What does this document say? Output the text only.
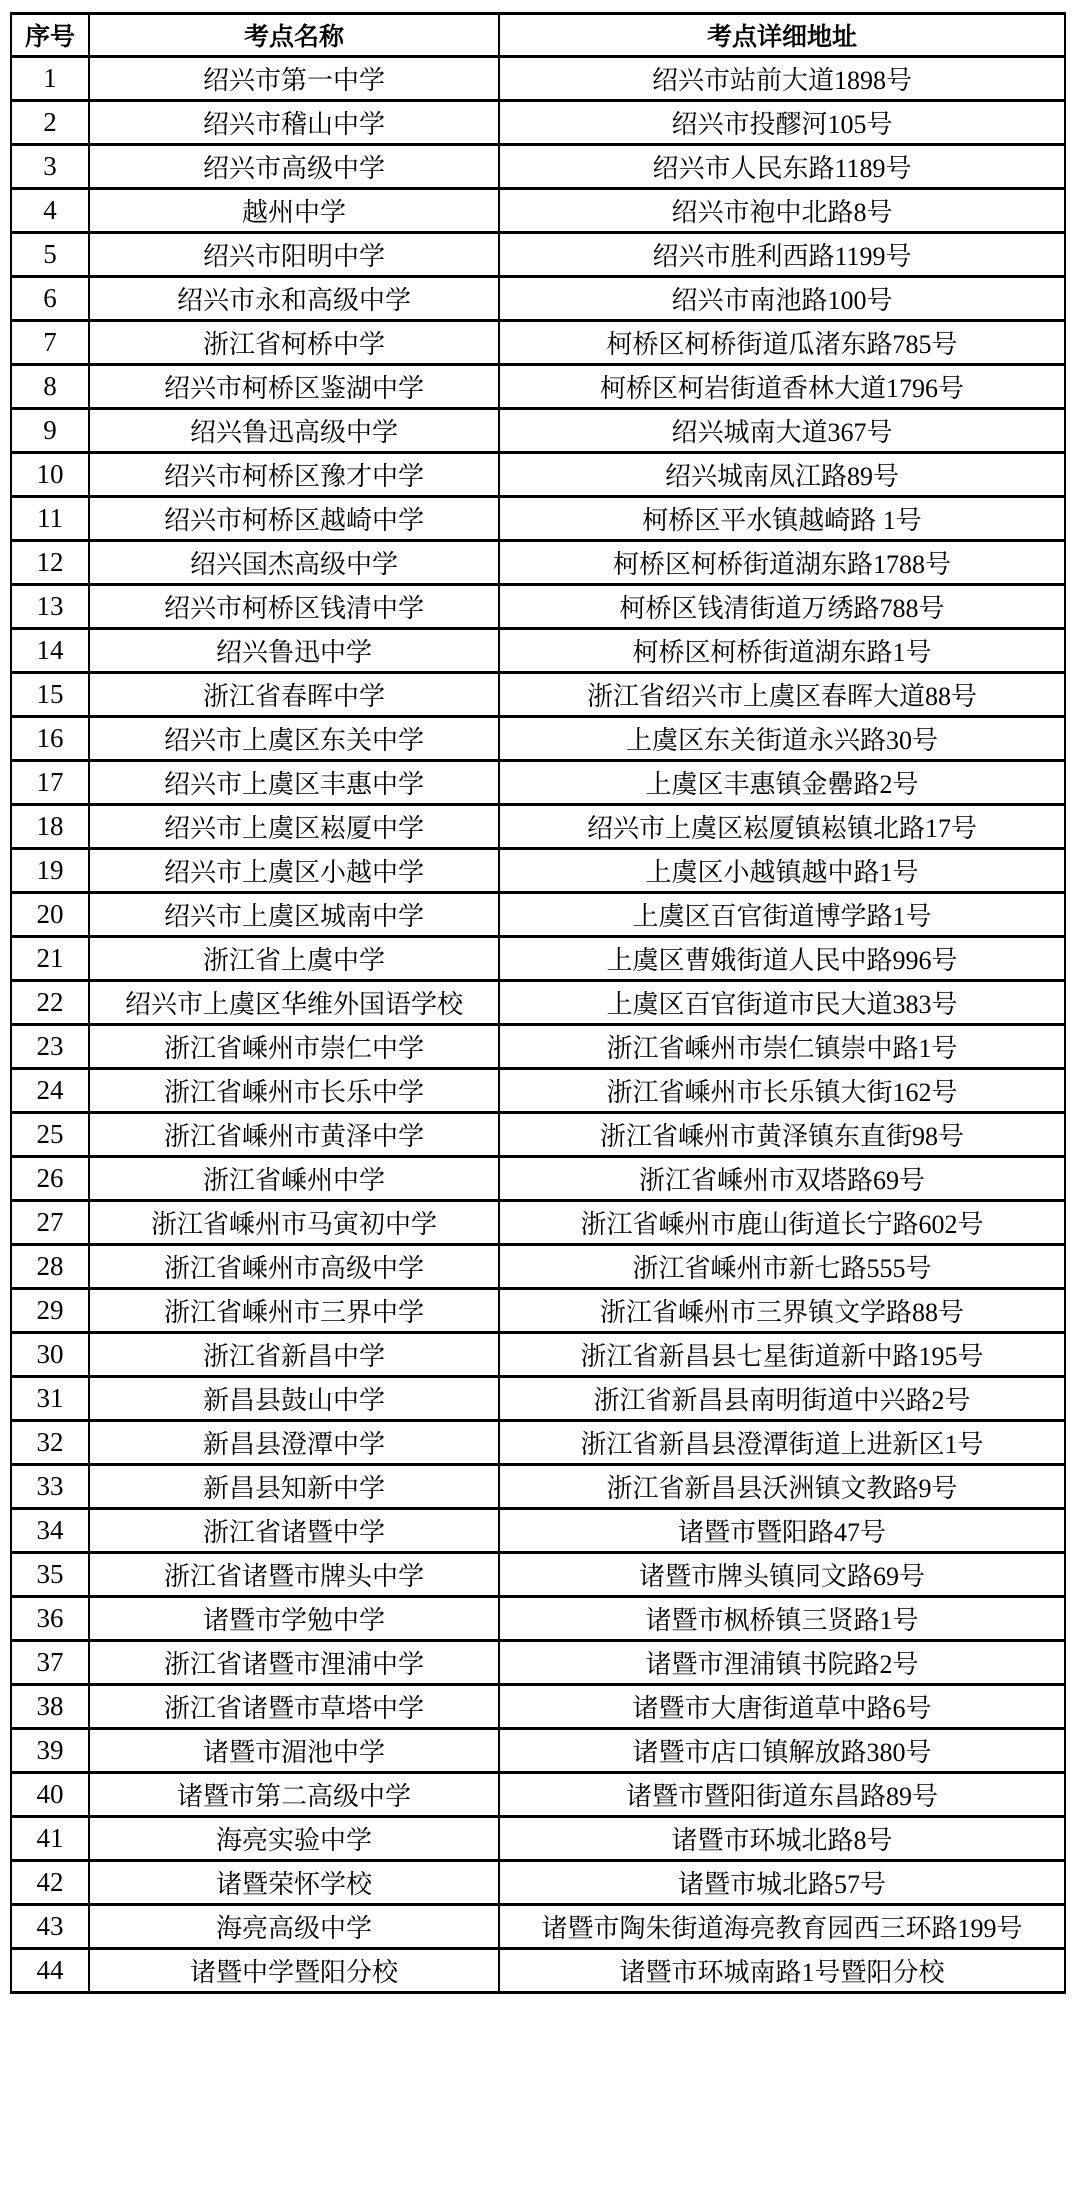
序号	考点名称	考点详细地址
1	绍兴市第一中学	绍兴市站前大道1898号
2	绍兴市稽山中学	绍兴市投醪河105号
3	绍兴市高级中学	绍兴市人民东路1189号
4	越州中学	绍兴市袍中北路8号
5	绍兴市阳明中学	绍兴市胜利西路1199号
6	绍兴市永和高级中学	绍兴市南池路100号
7	浙江省柯桥中学	柯桥区柯桥街道瓜渚东路785号
8	绍兴市柯桥区鉴湖中学	柯桥区柯岩街道香林大道1796号
9	绍兴鲁迅高级中学	绍兴城南大道367号
10	绍兴市柯桥区豫才中学	绍兴城南凤江路89号
11	绍兴市柯桥区越崎中学	柯桥区平水镇越崎路 1号
12	绍兴国杰高级中学	柯桥区柯桥街道湖东路1788号
13	绍兴市柯桥区钱清中学	柯桥区钱清街道万绣路788号
14	绍兴鲁迅中学	柯桥区柯桥街道湖东路1号
15	浙江省春晖中学	浙江省绍兴市上虞区春晖大道88号
16	绍兴市上虞区东关中学	上虞区东关街道永兴路30号
17	绍兴市上虞区丰惠中学	上虞区丰惠镇金罍路2号
18	绍兴市上虞区崧厦中学	绍兴市上虞区崧厦镇崧镇北路17号
19	绍兴市上虞区小越中学	上虞区小越镇越中路1号
20	绍兴市上虞区城南中学	上虞区百官街道博学路1号
21	浙江省上虞中学	上虞区曹娥街道人民中路996号
22	绍兴市上虞区华维外国语学校	上虞区百官街道市民大道383号
23	浙江省嵊州市崇仁中学	浙江省嵊州市崇仁镇崇中路1号
24	浙江省嵊州市长乐中学	浙江省嵊州市长乐镇大街162号
25	浙江省嵊州市黄泽中学	浙江省嵊州市黄泽镇东直街98号
26	浙江省嵊州中学	浙江省嵊州市双塔路69号
27	浙江省嵊州市马寅初中学	浙江省嵊州市鹿山街道长宁路602号
28	浙江省嵊州市高级中学	浙江省嵊州市新七路555号
29	浙江省嵊州市三界中学	浙江省嵊州市三界镇文学路88号
30	浙江省新昌中学	浙江省新昌县七星街道新中路195号
31	新昌县鼓山中学	浙江省新昌县南明街道中兴路2号
32	新昌县澄潭中学	浙江省新昌县澄潭街道上进新区1号
33	新昌县知新中学	浙江省新昌县沃洲镇文教路9号
34	浙江省诸暨中学	诸暨市暨阳路47号
35	浙江省诸暨市牌头中学	诸暨市牌头镇同文路69号
36	诸暨市学勉中学	诸暨市枫桥镇三贤路1号
37	浙江省诸暨市浬浦中学	诸暨市浬浦镇书院路2号
38	浙江省诸暨市草塔中学	诸暨市大唐街道草中路6号
39	诸暨市湄池中学	诸暨市店口镇解放路380号
40	诸暨市第二高级中学	诸暨市暨阳街道东昌路89号
41	海亮实验中学	诸暨市环城北路8号
42	诸暨荣怀学校	诸暨市城北路57号
43	海亮高级中学	诸暨市陶朱街道海亮教育园西三环路199号
44	诸暨中学暨阳分校	诸暨市环城南路1号暨阳分校
